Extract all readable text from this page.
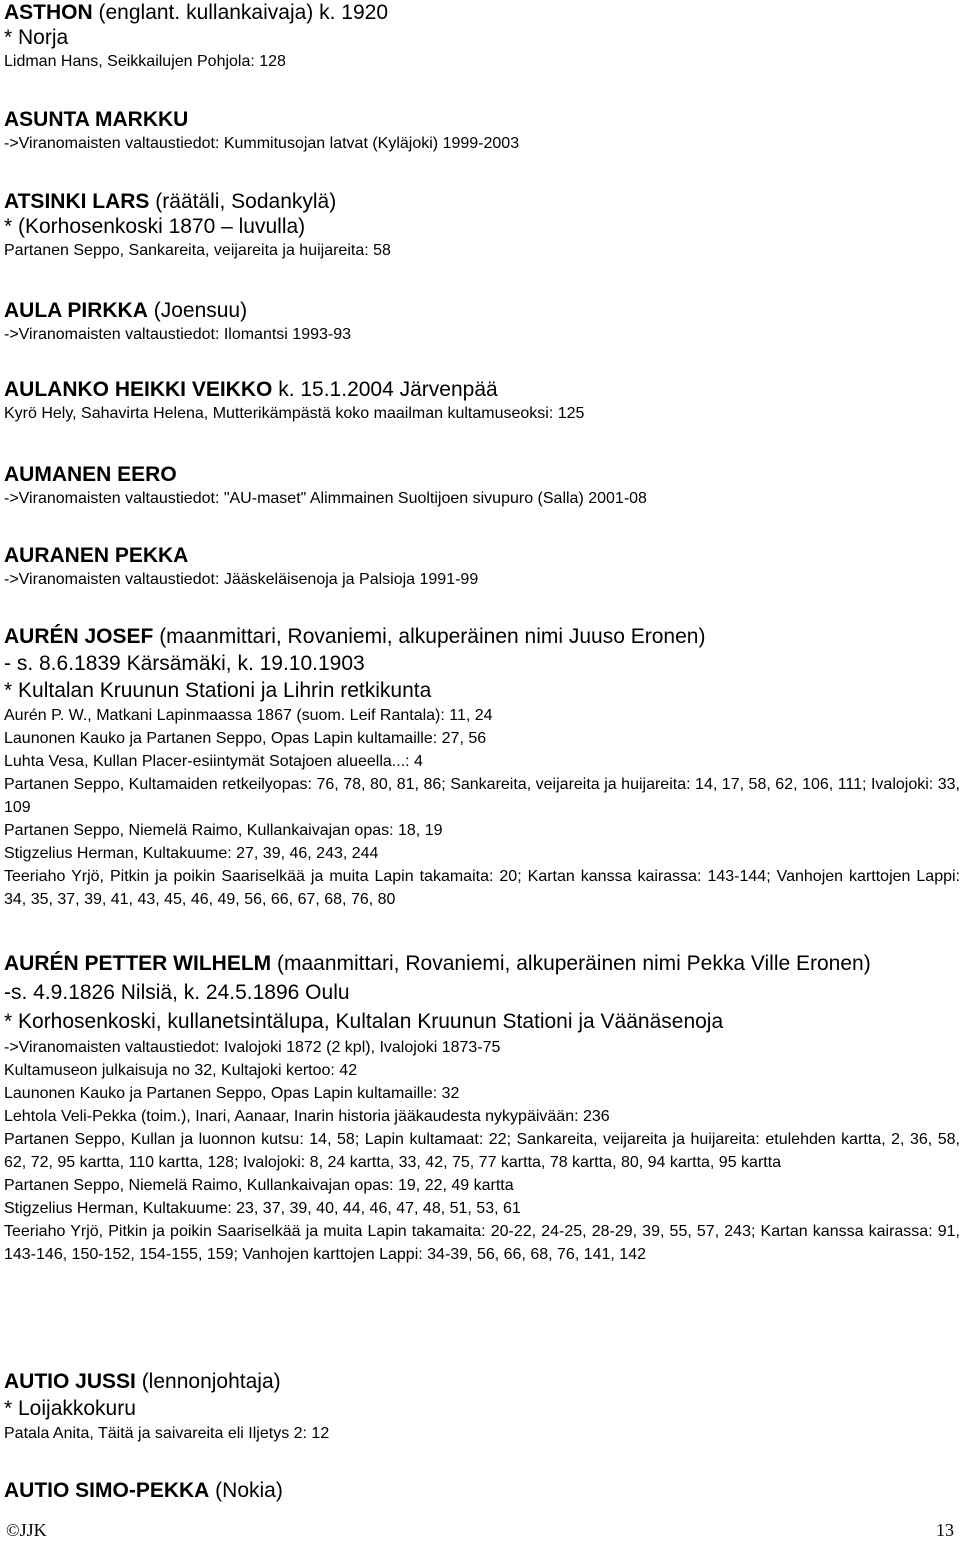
ASTHON (englant. kullankaivaja) k. 1920

* Norja

Lidman Hans, Seikkailujen Pohjola: 128

ASUNTA MARKKU

->Viranomaisten valtaustiedot: Kummitusojan latvat (Kyläjoki) 1999-2003

ATSINKI LARS (räätäli, Sodankylä)

* (Korhosenkoski 1870 – luvulla)

Partanen Seppo, Sankareita, veijareita ja huijareita: 58

AULA PIRKKA (Joensuu)

->Viranomaisten valtaustiedot: Ilomantsi 1993-93

AULANKO HEIKKI VEIKKO k. 15.1.2004 Järvenpää

Kyrö Hely, Sahavirta Helena, Mutterikämpästä koko maailman kultamuseoksi: 125

AUMANEN EERO

->Viranomaisten valtaustiedot: "AU-maset" Alimmainen Suoltijoen sivupuro (Salla) 2001-08

AURANEN PEKKA

->Viranomaisten valtaustiedot: Jääskeläisenoja ja Palsioja 1991-99

AURÉN JOSEF (maanmittari, Rovaniemi, alkuperäinen nimi Juuso Eronen)

- s. 8.6.1839 Kärsämäki, k. 19.10.1903

* Kultalan Kruunun Stationi ja Lihrin retkikunta

Aurén P. W., Matkani Lapinmaassa 1867 (suom. Leif Rantala): 11, 24

Launonen Kauko ja Partanen Seppo, Opas Lapin kultamaille: 27, 56

Luhta Vesa, Kullan Placer-esiintymät Sotajoen alueella...: 4

Partanen Seppo, Kultamaiden retkeilyopas: 76, 78, 80, 81, 86; Sankareita, veijareita ja huijareita: 14, 17, 58, 62, 106, 111; Ivalojoki: 33, 109

Partanen Seppo, Niemelä Raimo, Kullankaivajan opas: 18, 19

Stigzelius Herman, Kultakuume: 27, 39, 46, 243, 244

Teeriaho Yrjö, Pitkin ja poikin Saariselkää ja muita Lapin takamaita: 20; Kartan kanssa kairassa: 143-144; Vanhojen karttojen Lappi: 34, 35, 37, 39, 41, 43, 45, 46, 49, 56, 66, 67, 68, 76, 80

AURÉN PETTER WILHELM (maanmittari, Rovaniemi, alkuperäinen nimi Pekka Ville Eronen)

-s. 4.9.1826 Nilsiä, k. 24.5.1896 Oulu

* Korhosenkoski, kullanetsintälupa, Kultalan Kruunun Stationi ja Väänäsenoja

->Viranomaisten valtaustiedot: Ivalojoki 1872 (2 kpl), Ivalojoki 1873-75

Kultamuseon julkaisuja no 32, Kultajoki kertoo: 42

Launonen Kauko ja Partanen Seppo, Opas Lapin kultamaille: 32

Lehtola Veli-Pekka (toim.), Inari, Aanaar, Inarin historia jääkaudesta nykypäivään: 236

Partanen Seppo, Kullan ja luonnon kutsu: 14, 58; Lapin kultamaat: 22; Sankareita, veijareita ja huijareita: etulehden kartta, 2, 36, 58, 62, 72, 95 kartta, 110 kartta, 128; Ivalojoki: 8, 24 kartta, 33, 42, 75, 77 kartta, 78 kartta, 80, 94 kartta, 95 kartta

Partanen Seppo, Niemelä Raimo, Kullankaivajan opas: 19, 22, 49 kartta

Stigzelius Herman, Kultakuume: 23, 37, 39, 40, 44, 46, 47, 48, 51, 53, 61

Teeriaho Yrjö, Pitkin ja poikin Saariselkää ja muita Lapin takamaita: 20-22, 24-25, 28-29, 39, 55, 57, 243; Kartan kanssa kairassa: 91, 143-146, 150-152, 154-155, 159; Vanhojen karttojen Lappi: 34-39, 56, 66, 68, 76, 141, 142

AUTIO JUSSI (lennonjohtaja)

* Loijakkokuru

Patala Anita, Täitä ja saivareita eli Iljetys 2: 12

AUTIO SIMO-PEKKA (Nokia)

©JJK	13
